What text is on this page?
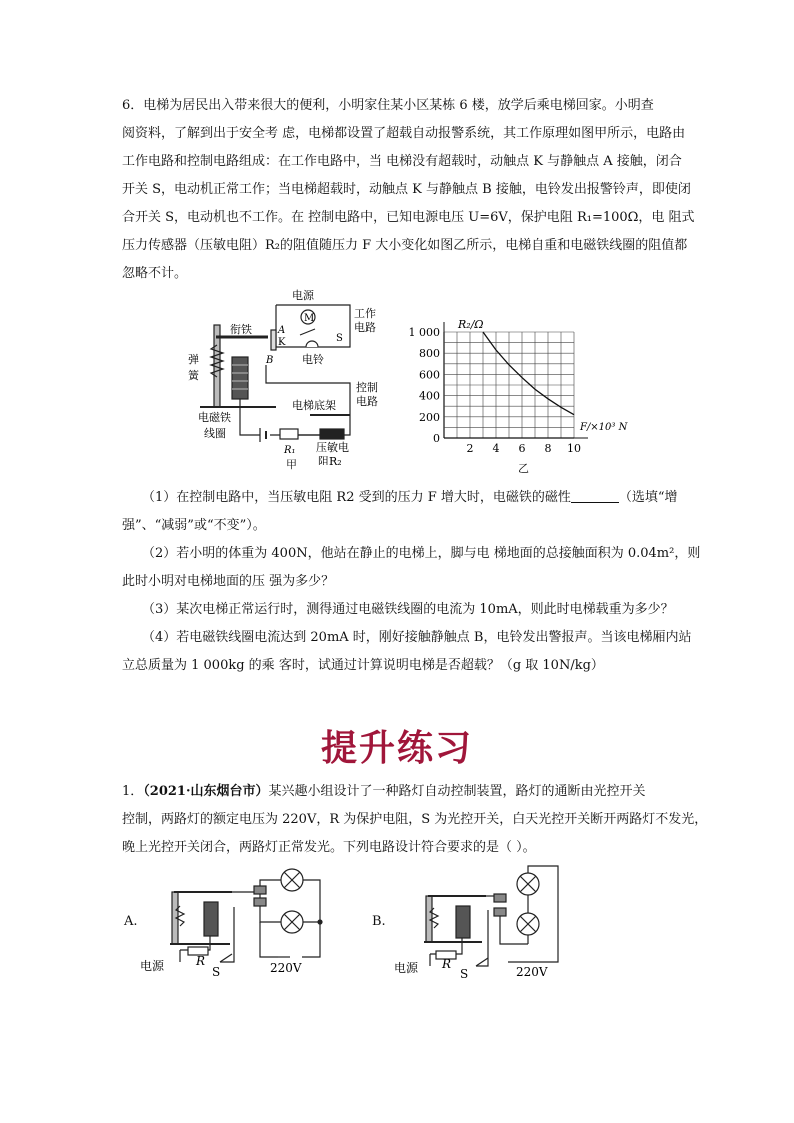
6．电梯为居民出入带来很大的便利，小明家住某小区某栋 6 楼，放学后乘电梯回家。小明查
阅资料，了解到出于安全考 虑，电梯都设置了超载自动报警系统，其工作原理如图甲所示，电路由
工作电路和控制电路组成：在工作电路中，当 电梯没有超载时，动触点 K 与静触点 A 接触，闭合
开关 S，电动机正常工作；当电梯超载时，动触点 K 与静触点 B 接触，电铃发出报警铃声，即使闭
合开关 S，电动机也不工作。在 控制电路中，已知电源电压 U=6V，保护电阻 R₁=100Ω，电 阻式
压力传感器（压敏电阻）R₂的阻值随压力 F 大小变化如图乙所示，电梯自重和电磁铁线圈的阻值都
忽略不计。
电源
工作
电路
衔铁
M
A
K
B
S
电铃
弹
簧
控制
电路
电梯底架
电磁铁
线圈
R₁ 压敏电
阻R₂
甲
2 4 6 8 10
0
200
400
600
800
1 000
R₂/Ω
F/×10³ N
乙
（1）在控制电路中，当压敏电阻 R2 受到的压力 F 增大时，电磁铁的磁性	（选填“增
强”、“减弱”或“不变”）。
（2）若小明的体重为 400N，他站在静止的电梯上，脚与电 梯地面的总接触面积为 0.04m²，则
此时小明对电梯地面的压 强为多少？
（3）某次电梯正常运行时，测得通过电磁铁线圈的电流为 10mA，则此时电梯载重为多少？
（4）若电磁铁线圈电流达到 20mA 时，刚好接触静触点 B，电铃发出警报声。当该电梯厢内站
立总质量为 1 000kg 的乘 客时，试通过计算说明电梯是否超载？（g 取 10N/kg）
提升练习
1．（2021·山东烟台市）某兴趣小组设计了一种路灯自动控制装置，路灯的通断由光控开关
控制，两路灯的额定电压为 220V，R 为保护电阻，S 为光控开关，白天光控开关断开两路灯不发光，
晚上光控开关闭合，两路灯正常发光。下列电路设计符合要求的是（ ）。
A.
R
S
电源	220V
B.
R
S
电源	220V
